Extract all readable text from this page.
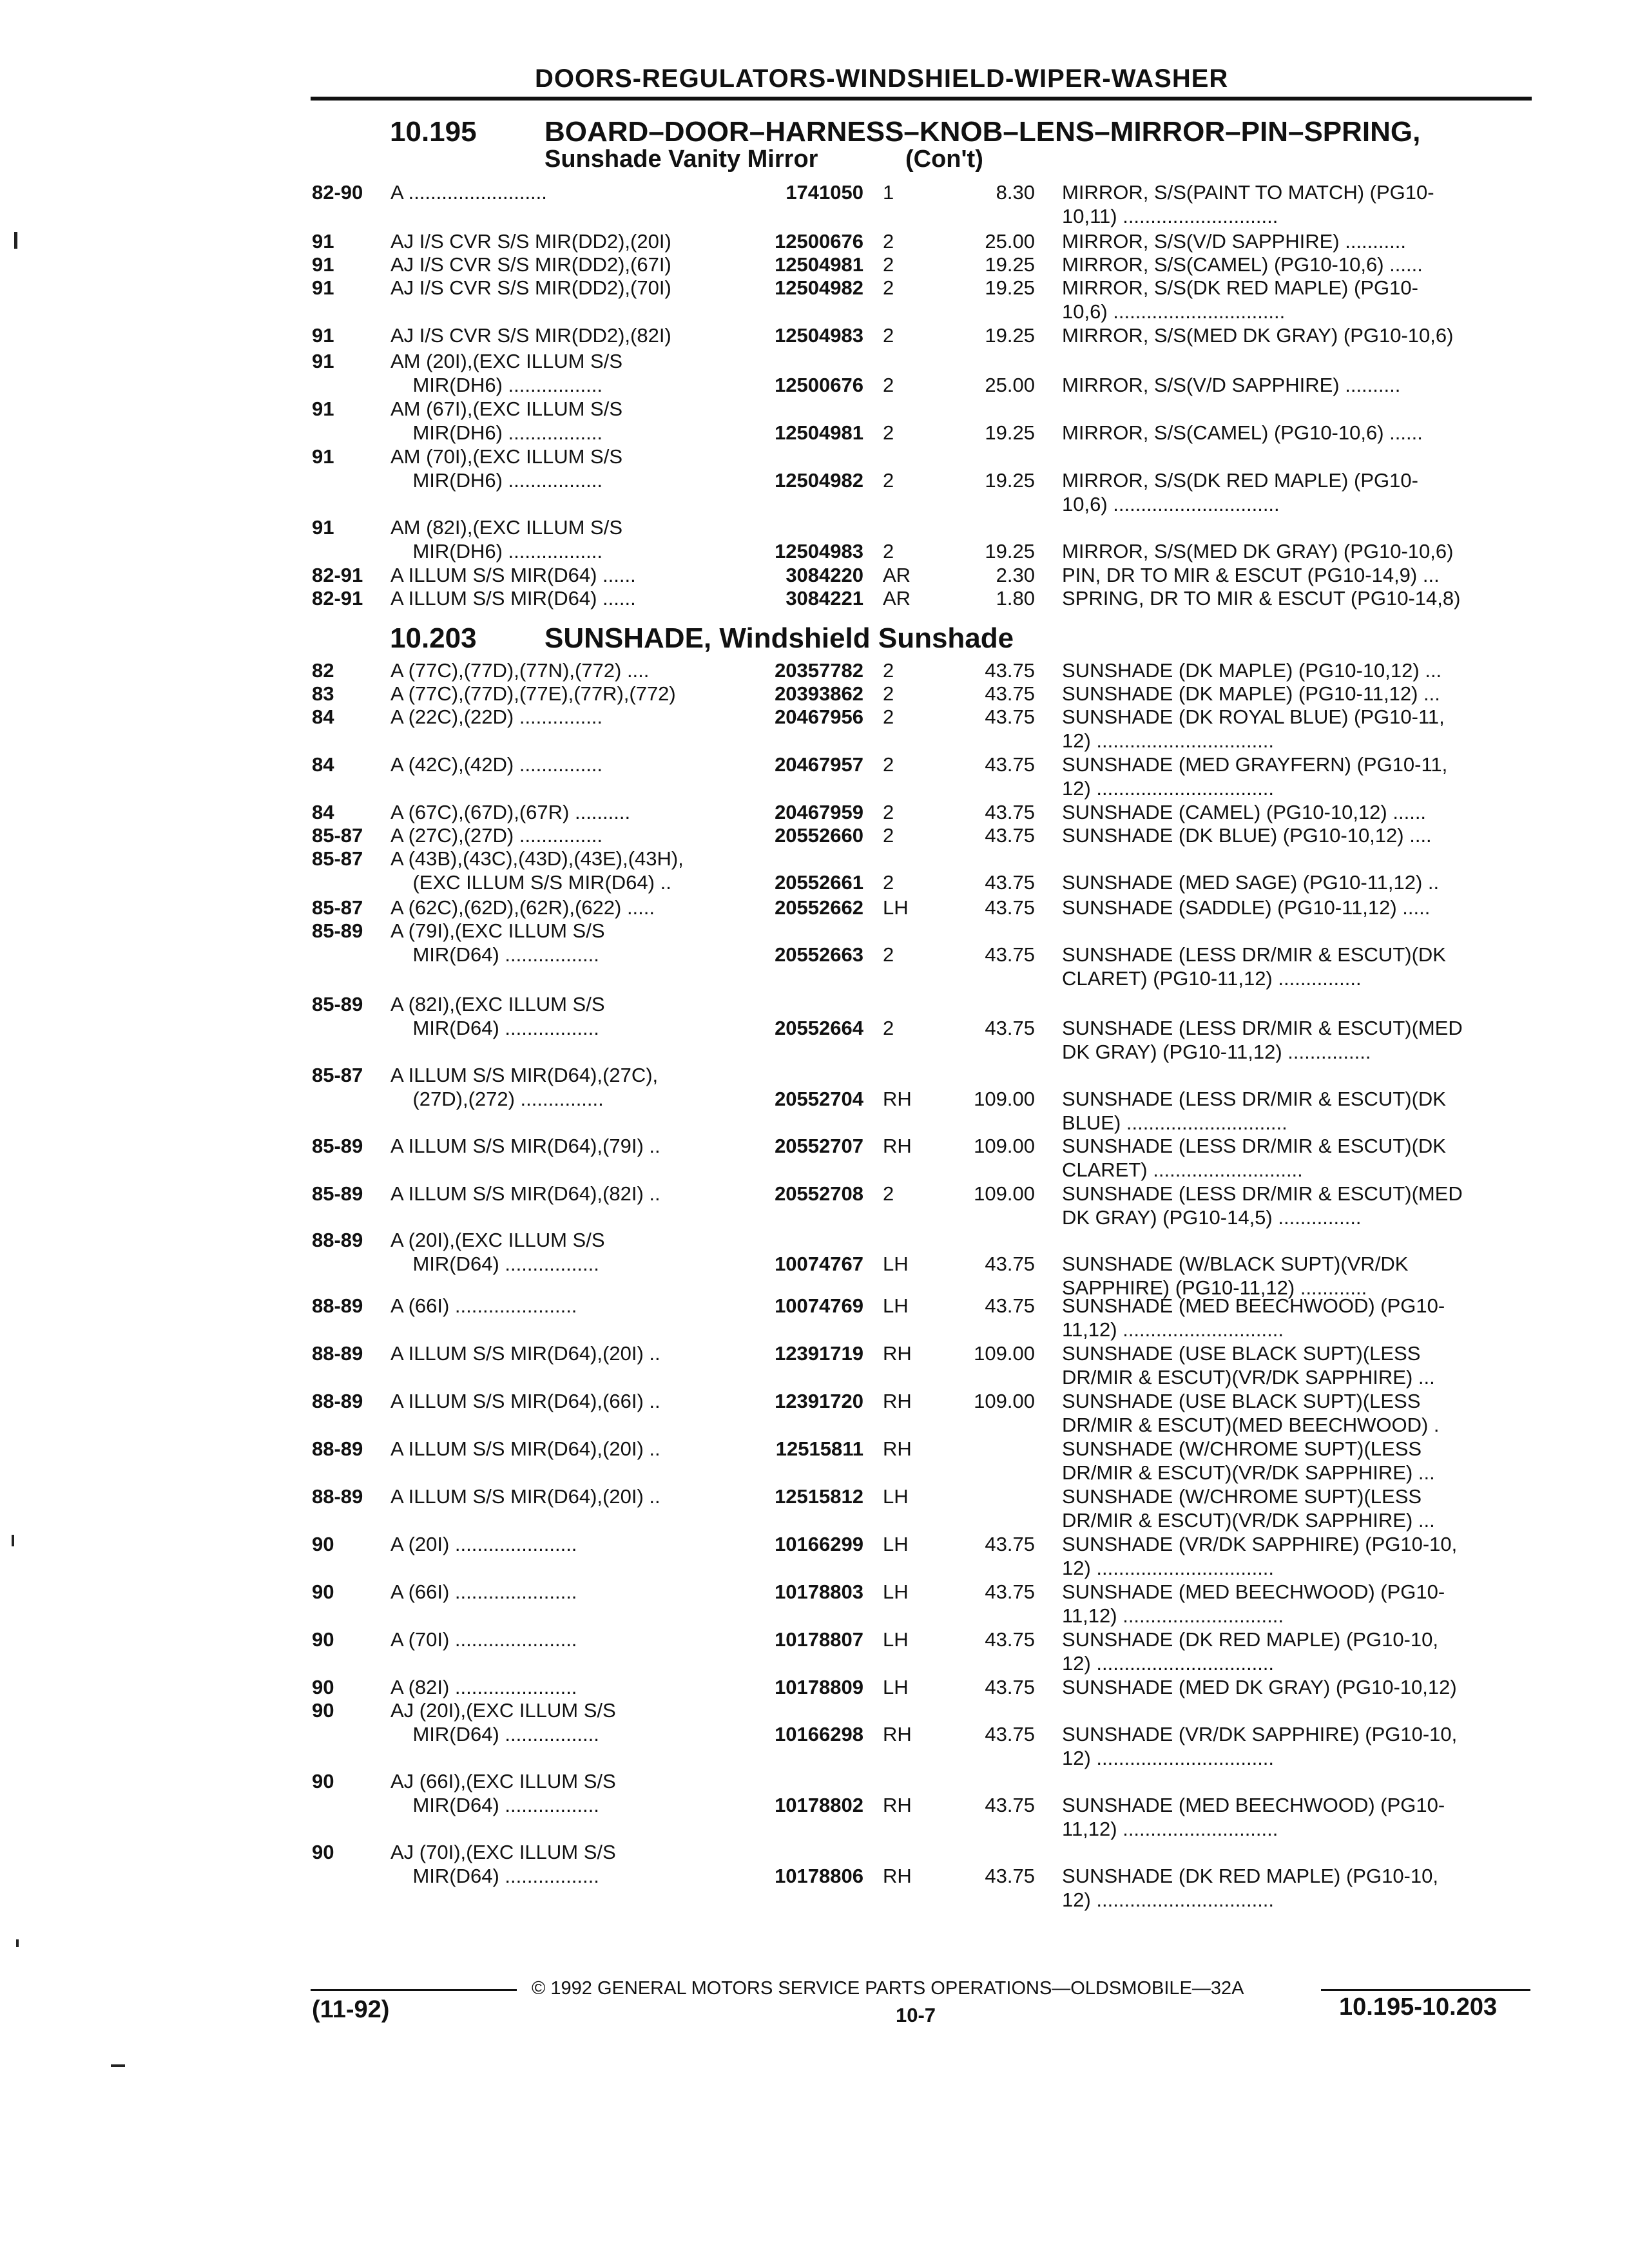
DOORS-REGULATORS-WINDSHIELD-WIPER-WASHER
10.195 BOARD–DOOR–HARNESS–KNOB–LENS–MIRROR–PIN–SPRING,
Sunshade Vanity Mirror	(Con't)
10.203 SUNSHADE, Windshield Sunshade
82-90 A .........................	1741050 1	8.30 MIRROR, S/S(PAINT TO MATCH) (PG10-
10,11) ............................
91	AJ I/S CVR S/S MIR(DD2),(20I)	12500676 2	25.00 MIRROR, S/S(V/D SAPPHIRE) ...........
91	AJ I/S CVR S/S MIR(DD2),(67I)	12504981 2	19.25 MIRROR, S/S(CAMEL) (PG10-10,6) ......
91	AJ I/S CVR S/S MIR(DD2),(70I)	12504982 2	19.25 MIRROR, S/S(DK RED MAPLE) (PG10-
10,6) ...............................
91	AJ I/S CVR S/S MIR(DD2),(82I)	12504983 2	19.25 MIRROR, S/S(MED DK GRAY) (PG10-10,6)
91	AM (20I),(EXC ILLUM S/S
MIR(DH6) .................	12500676 2	25.00 MIRROR, S/S(V/D SAPPHIRE) ..........
91	AM (67I),(EXC ILLUM S/S
MIR(DH6) .................	12504981 2	19.25 MIRROR, S/S(CAMEL) (PG10-10,6) ......
91	AM (70I),(EXC ILLUM S/S
MIR(DH6) .................	12504982 2	19.25 MIRROR, S/S(DK RED MAPLE) (PG10-
10,6) ..............................
91	AM (82I),(EXC ILLUM S/S
MIR(DH6) .................	12504983 2	19.25 MIRROR, S/S(MED DK GRAY) (PG10-10,6)
82-91 A ILLUM S/S MIR(D64) ......	3084220 AR	2.30 PIN, DR TO MIR & ESCUT (PG10-14,9) ...
82-91 A ILLUM S/S MIR(D64) ......	3084221 AR	1.80 SPRING, DR TO MIR & ESCUT (PG10-14,8)
82	A (77C),(77D),(77N),(772) ....	20357782 2	43.75 SUNSHADE (DK MAPLE) (PG10-10,12) ...
83	A (77C),(77D),(77E),(77R),(772)	20393862 2	43.75 SUNSHADE (DK MAPLE) (PG10-11,12) ...
84	A (22C),(22D) ...............	20467956 2	43.75 SUNSHADE (DK ROYAL BLUE) (PG10-11,
12) ................................
84	A (42C),(42D) ...............	20467957 2	43.75 SUNSHADE (MED GRAYFERN) (PG10-11,
12) ................................
84	A (67C),(67D),(67R) ..........	20467959 2	43.75 SUNSHADE (CAMEL) (PG10-10,12) ......
85-87 A (27C),(27D) ...............	20552660 2	43.75 SUNSHADE (DK BLUE) (PG10-10,12) ....
85-87 A (43B),(43C),(43D),(43E),(43H),
(EXC ILLUM S/S MIR(D64) ..	20552661 2	43.75 SUNSHADE (MED SAGE) (PG10-11,12) ..
85-87 A (62C),(62D),(62R),(622) .....	20552662 LH	43.75 SUNSHADE (SADDLE) (PG10-11,12) .....
85-89 A (79I),(EXC ILLUM S/S
MIR(D64) .................	20552663 2	43.75 SUNSHADE (LESS DR/MIR & ESCUT)(DK
CLARET) (PG10-11,12) ...............
85-89 A (82I),(EXC ILLUM S/S
MIR(D64) .................	20552664 2	43.75 SUNSHADE (LESS DR/MIR & ESCUT)(MED
DK GRAY) (PG10-11,12) ...............
85-87 A ILLUM S/S MIR(D64),(27C),
(27D),(272) ...............	20552704 RH	109.00 SUNSHADE (LESS DR/MIR & ESCUT)(DK
BLUE) .............................
85-89 A ILLUM S/S MIR(D64),(79I) ..	20552707 RH	109.00 SUNSHADE (LESS DR/MIR & ESCUT)(DK
CLARET) ...........................
85-89 A ILLUM S/S MIR(D64),(82I) ..	20552708 2	109.00 SUNSHADE (LESS DR/MIR & ESCUT)(MED
DK GRAY) (PG10-14,5) ...............
88-89 A (20I),(EXC ILLUM S/S
MIR(D64) .................	10074767 LH	43.75 SUNSHADE (W/BLACK SUPT)(VR/DK
SAPPHIRE) (PG10-11,12) ............
88-89 A (66I) ......................	10074769 LH	43.75 SUNSHADE (MED BEECHWOOD) (PG10-
11,12) .............................
88-89 A ILLUM S/S MIR(D64),(20I) ..	12391719 RH	109.00 SUNSHADE (USE BLACK SUPT)(LESS
DR/MIR & ESCUT)(VR/DK SAPPHIRE) ...
88-89 A ILLUM S/S MIR(D64),(66I) ..	12391720 RH	109.00 SUNSHADE (USE BLACK SUPT)(LESS
DR/MIR & ESCUT)(MED BEECHWOOD) .
88-89 A ILLUM S/S MIR(D64),(20I) ..	12515811 RH	SUNSHADE (W/CHROME SUPT)(LESS
DR/MIR & ESCUT)(VR/DK SAPPHIRE) ...
88-89 A ILLUM S/S MIR(D64),(20I) ..	12515812 LH	SUNSHADE (W/CHROME SUPT)(LESS
DR/MIR & ESCUT)(VR/DK SAPPHIRE) ...
90	A (20I) ......................	10166299 LH	43.75 SUNSHADE (VR/DK SAPPHIRE) (PG10-10,
12) ................................
90	A (66I) ......................	10178803 LH	43.75 SUNSHADE (MED BEECHWOOD) (PG10-
11,12) .............................
90	A (70I) ......................	10178807 LH	43.75 SUNSHADE (DK RED MAPLE) (PG10-10,
12) ................................
90	A (82I) ......................	10178809 LH	43.75 SUNSHADE (MED DK GRAY) (PG10-10,12)
90	AJ (20I),(EXC ILLUM S/S
MIR(D64) .................	10166298 RH	43.75 SUNSHADE (VR/DK SAPPHIRE) (PG10-10,
12) ................................
90	AJ (66I),(EXC ILLUM S/S
MIR(D64) .................	10178802 RH	43.75 SUNSHADE (MED BEECHWOOD) (PG10-
11,12) ............................
90	AJ (70I),(EXC ILLUM S/S
MIR(D64) .................	10178806 RH	43.75 SUNSHADE (DK RED MAPLE) (PG10-10,
12) ................................
© 1992 GENERAL MOTORS SERVICE PARTS OPERATIONS—OLDSMOBILE—32A
(11-92)	10-7	10.195-10.203
